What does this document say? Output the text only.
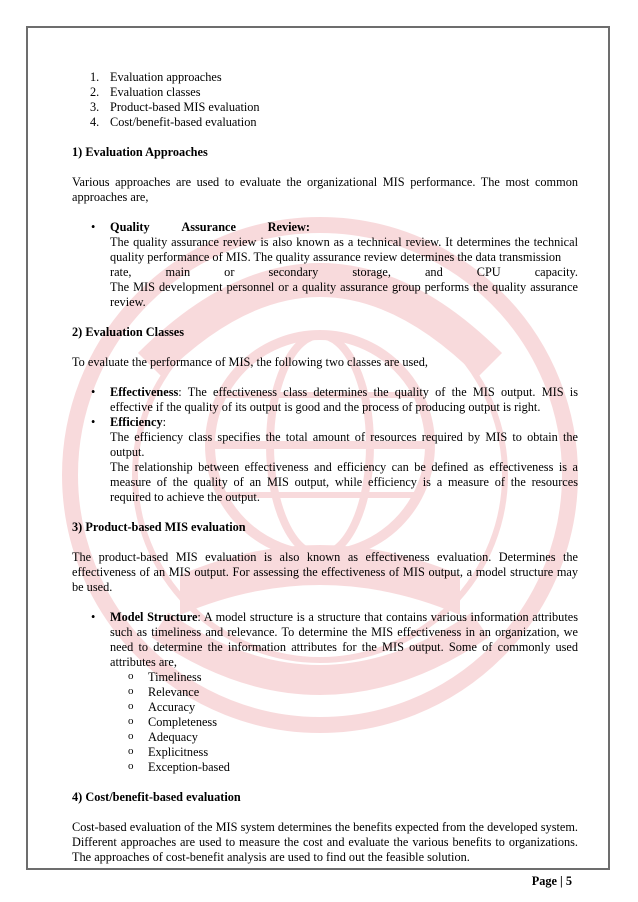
1. Evaluation approaches
2. Evaluation classes
3. Product-based MIS evaluation
4. Cost/benefit-based evaluation
1) Evaluation Approaches

Various approaches are used to evaluate the organizational MIS performance. The most common approaches are,

• Quality	Assurance	Review:
The quality assurance review is also known as a technical review. It determines the technical quality performance of MIS. The quality assurance review determines the data transmission
rate,	main	or	secondary	storage,	and	CPU	capacity.
The MIS development personnel or a quality assurance group performs the quality assurance review.
2) Evaluation Classes

To evaluate the performance of MIS, the following two classes are used,

• Effectiveness: The effectiveness class determines the quality of the MIS output. MIS is effective if the quality of its output is good and the process of producing output is right.
• Efficiency:
The efficiency class specifies the total amount of resources required by MIS to obtain the output.
The relationship between effectiveness and efficiency can be defined as effectiveness is a measure of the quality of an MIS output, while efficiency is a measure of the resources required to achieve the output.
3) Product-based MIS evaluation

The product-based MIS evaluation is also known as effectiveness evaluation. Determines the effectiveness of an MIS output. For assessing the effectiveness of MIS output, a model structure may be used.

• Model Structure: A model structure is a structure that contains various information attributes such as timeliness and relevance. To determine the MIS effectiveness in an organization, we need to determine the information attributes for the MIS output. Some of commonly used attributes are,
o Timeliness
o Relevance
o Accuracy
o Completeness
o Adequacy
o Explicitness
o Exception-based
4) Cost/benefit-based evaluation

Cost-based evaluation of the MIS system determines the benefits expected from the developed system. Different approaches are used to measure the cost and evaluate the various benefits to organizations. The approaches of cost-benefit analysis are used to find out the feasible solution.

Page | 5
